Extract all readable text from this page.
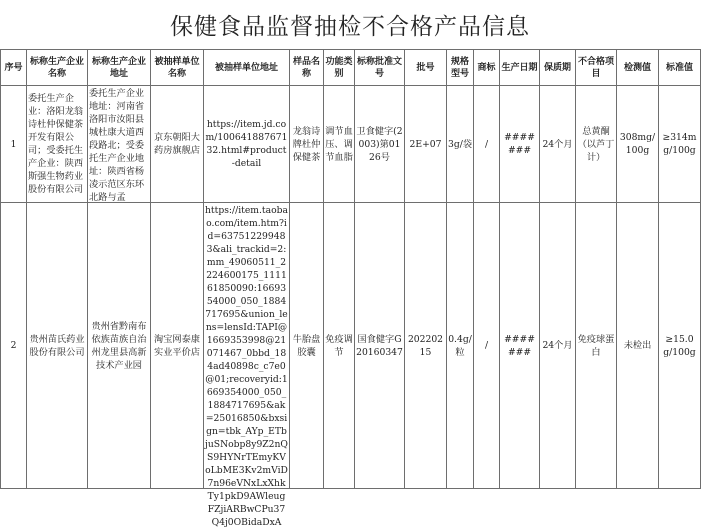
保健食品监督抽检不合格产品信息
序号	标称生产企业名称	标称生产企业地址	被抽样单位名称	被抽样单位地址	样品名称	功能类别	标称批准文号	批号	规格型号	商标	生产日期	保质期	不合格项目	检测值	标准值
1	委托生产企业：洛阳龙翁诗杜仲保健茶开发有限公司；受委托生产企业：陕西斯强生物药业股份有限公司	委托生产企业地址：河南省洛阳市汝阳县城杜康大道西段路北；受委托生产企业地址：陕西省杨凌示范区东环北路与孟	京东朝阳大药房旗舰店	https://item.jd.com/10064188767132.html#product-detail	龙翁诗牌杜仲保健茶	调节血压、调节血脂	卫食健字(2003)第0126号	2E+07	3g/袋	/	#######	24个月	总黄酮（以芦丁计）	308mg/100g	≥314mg/100g
2	贵州苗氏药业股份有限公司	贵州省黔南布依族苗族自治州龙里县高新技术产业园	淘宝网泰康实业平价店	https://item.taobao.com/item.htm?id=637512299483&ali_trackid=2:mm_49060511_2224600175_111161850090:1669354000_050_1884717695&union_lens=lensId:TAPI@1669353998@21071467_0bbd_184ad40898c_c7e0@01;recoveryid:1669354000_050_1884717695&ak=25016850&bxsign=tbk_AYp_ETbjuSNobp8y9Z2nQS9HYNrTEmyKVoLbME3Kv2mViD7n96eVNxLxXhkTy1pkD9AWleugFZjiARBwCPu37Q4j0OBidaDxA	牛胎盘胶囊	免疫调节	国食健字G20160347	20220215	0.4g/粒	/	#######	24个月	免疫球蛋白	未检出	≥15.0 g/100g
